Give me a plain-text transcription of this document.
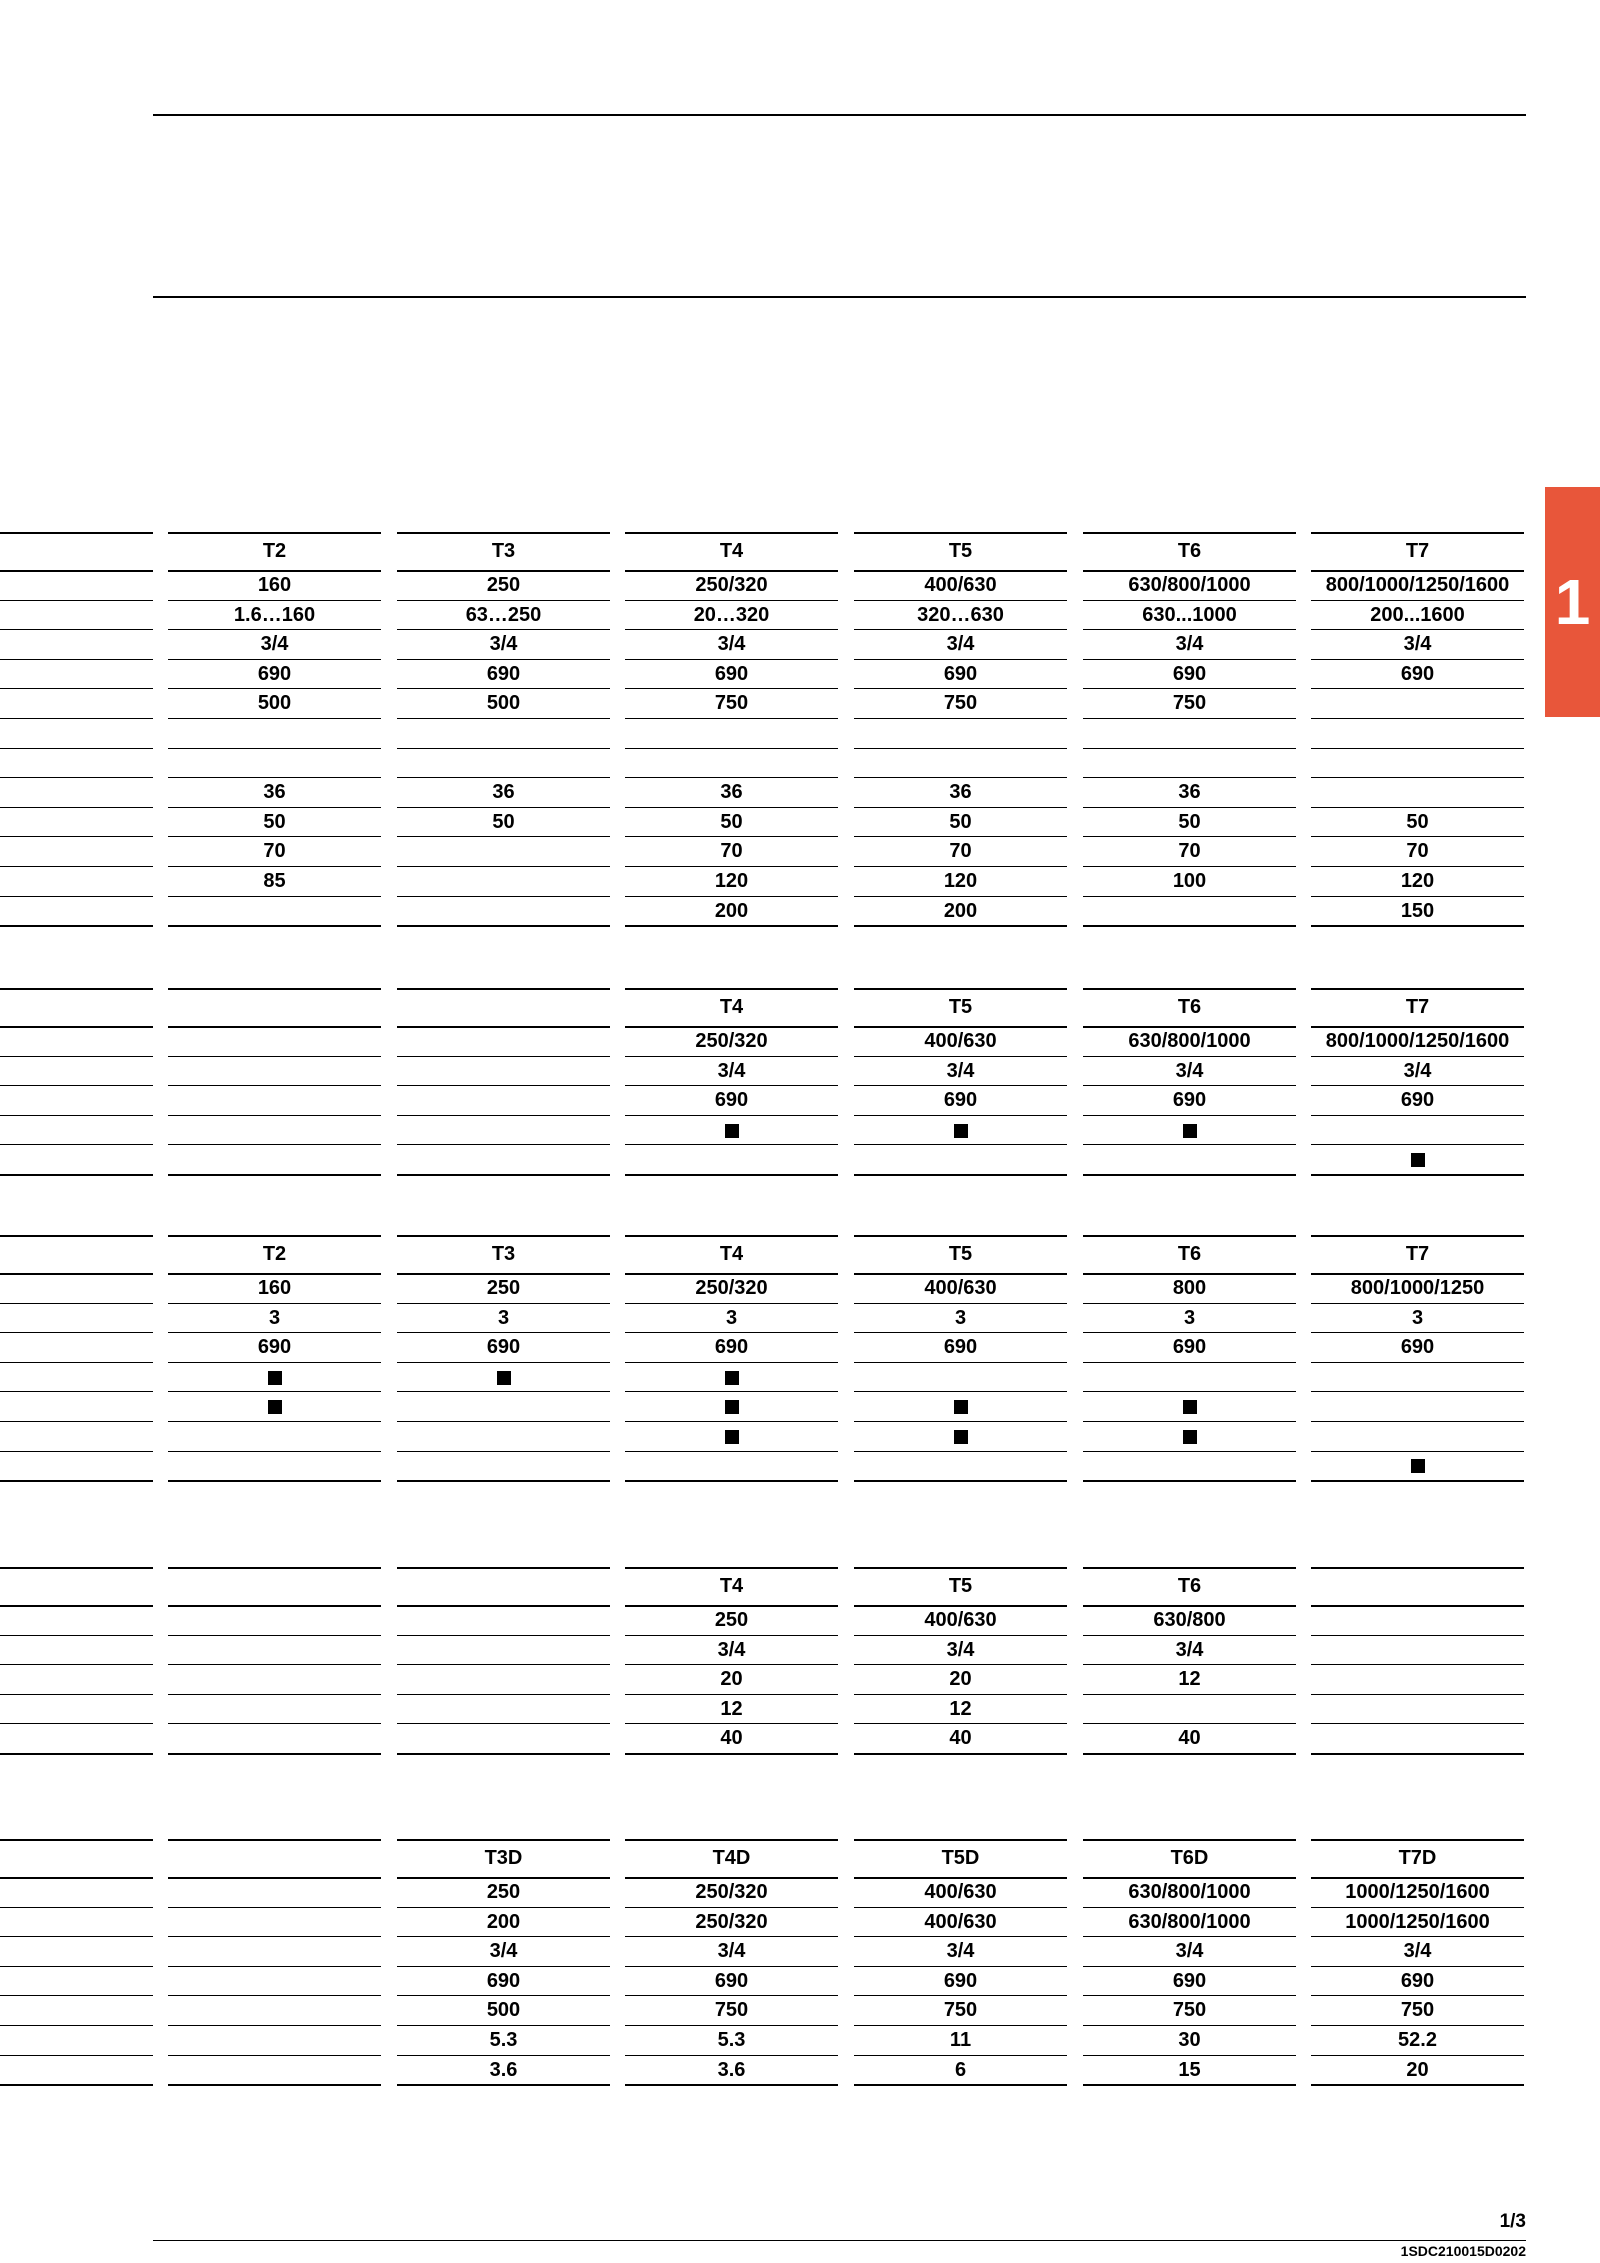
1
T2
160
1.6…160
3/4
690
500
36
50
70
85
T3
250
63…250
3/4
690
500
36
50
T4
250/320
20…320
3/4
690
750
36
50
70
120
200
T5
400/630
320…630
3/4
690
750
36
50
70
120
200
T6
630/800/1000
630...1000
3/4
690
750
36
50
70
100
T7
800/1000/1250/1600
200...1600
3/4
690
50
70
120
150
T4
250/320
3/4
690
T5
400/630
3/4
690
T6
630/800/1000
3/4
690
T7
800/1000/1250/1600
3/4
690
T2
160
3
690
T3
250
3
690
T4
250/320
3
690
T5
400/630
3
690
T6
800
3
690
T7
800/1000/1250
3
690
T4
250
3/4
20
12
40
T5
400/630
3/4
20
12
40
T6
630/800
3/4
12
40
T3D
250
200
3/4
690
500
5.3
3.6
T4D
250/320
250/320
3/4
690
750
5.3
3.6
T5D
400/630
400/630
3/4
690
750
11
6
T6D
630/800/1000
630/800/1000
3/4
690
750
30
15
T7D
1000/1250/1600
1000/1250/1600
3/4
690
750
52.2
20
1/3
1SDC210015D0202
